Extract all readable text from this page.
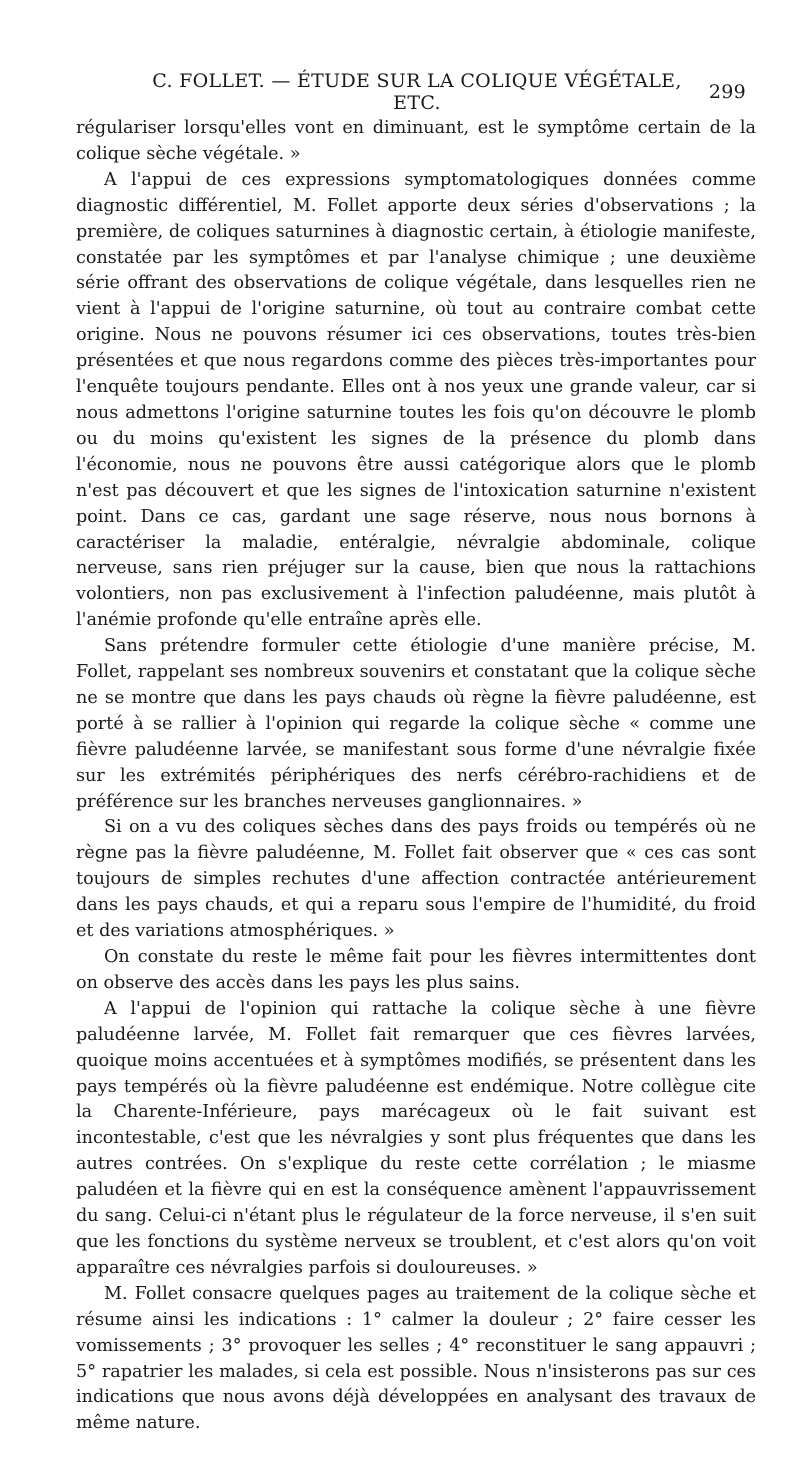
C. FOLLET. — ÉTUDE SUR LA COLIQUE VÉGÉTALE, ETC.	299

régulariser lorsqu'elles vont en diminuant, est le symptôme certain de la colique sèche végétale. »

A l'appui de ces expressions symptomatologiques données comme diagnostic différentiel, M. Follet apporte deux séries d'observations ; la première, de coliques saturnines à diagnostic certain, à étiologie manifeste, constatée par les symptômes et par l'analyse chimique ; une deuxième série offrant des observations de colique végétale, dans lesquelles rien ne vient à l'appui de l'origine saturnine, où tout au contraire combat cette origine. Nous ne pouvons résumer ici ces observations, toutes très-bien présentées et que nous regardons comme des pièces très-importantes pour l'enquête toujours pendante. Elles ont à nos yeux une grande valeur, car si nous admettons l'origine saturnine toutes les fois qu'on découvre le plomb ou du moins qu'existent les signes de la présence du plomb dans l'économie, nous ne pouvons être aussi catégorique alors que le plomb n'est pas découvert et que les signes de l'intoxication saturnine n'existent point. Dans ce cas, gardant une sage réserve, nous nous bornons à caractériser la maladie, entéralgie, névralgie abdominale, colique nerveuse, sans rien préjuger sur la cause, bien que nous la rattachions volontiers, non pas exclusivement à l'infection paludéenne, mais plutôt à l'anémie profonde qu'elle entraîne après elle.

Sans prétendre formuler cette étiologie d'une manière précise, M. Follet, rappelant ses nombreux souvenirs et constatant que la colique sèche ne se montre que dans les pays chauds où règne la fièvre paludéenne, est porté à se rallier à l'opinion qui regarde la colique sèche « comme une fièvre paludéenne larvée, se manifestant sous forme d'une névralgie fixée sur les extrémités périphériques des nerfs cérébro-rachidiens et de préférence sur les branches nerveuses ganglionnaires. »

Si on a vu des coliques sèches dans des pays froids ou tempérés où ne règne pas la fièvre paludéenne, M. Follet fait observer que « ces cas sont toujours de simples rechutes d'une affection contractée antérieurement dans les pays chauds, et qui a reparu sous l'empire de l'humidité, du froid et des variations atmosphériques. »

On constate du reste le même fait pour les fièvres intermittentes dont on observe des accès dans les pays les plus sains.

A l'appui de l'opinion qui rattache la colique sèche à une fièvre paludéenne larvée, M. Follet fait remarquer que ces fièvres larvées, quoique moins accentuées et à symptômes modifiés, se présentent dans les pays tempérés où la fièvre paludéenne est endémique. Notre collègue cite la Charente-Inférieure, pays marécageux où le fait suivant est incontestable, c'est que les névralgies y sont plus fréquentes que dans les autres contrées. On s'explique du reste cette corrélation ; le miasme paludéen et la fièvre qui en est la conséquence amènent l'appauvrissement du sang. Celui-ci n'étant plus le régulateur de la force nerveuse, il s'en suit que les fonctions du système nerveux se troublent, et c'est alors qu'on voit apparaître ces névralgies parfois si douloureuses. »

M. Follet consacre quelques pages au traitement de la colique sèche et résume ainsi les indications : 1° calmer la douleur ; 2° faire cesser les vomissements ; 3° provoquer les selles ; 4° reconstituer le sang appauvri ; 5° rapatrier les malades, si cela est possible. Nous n'insisterons pas sur ces indications que nous avons déjà développées en analysant des travaux de même nature.
